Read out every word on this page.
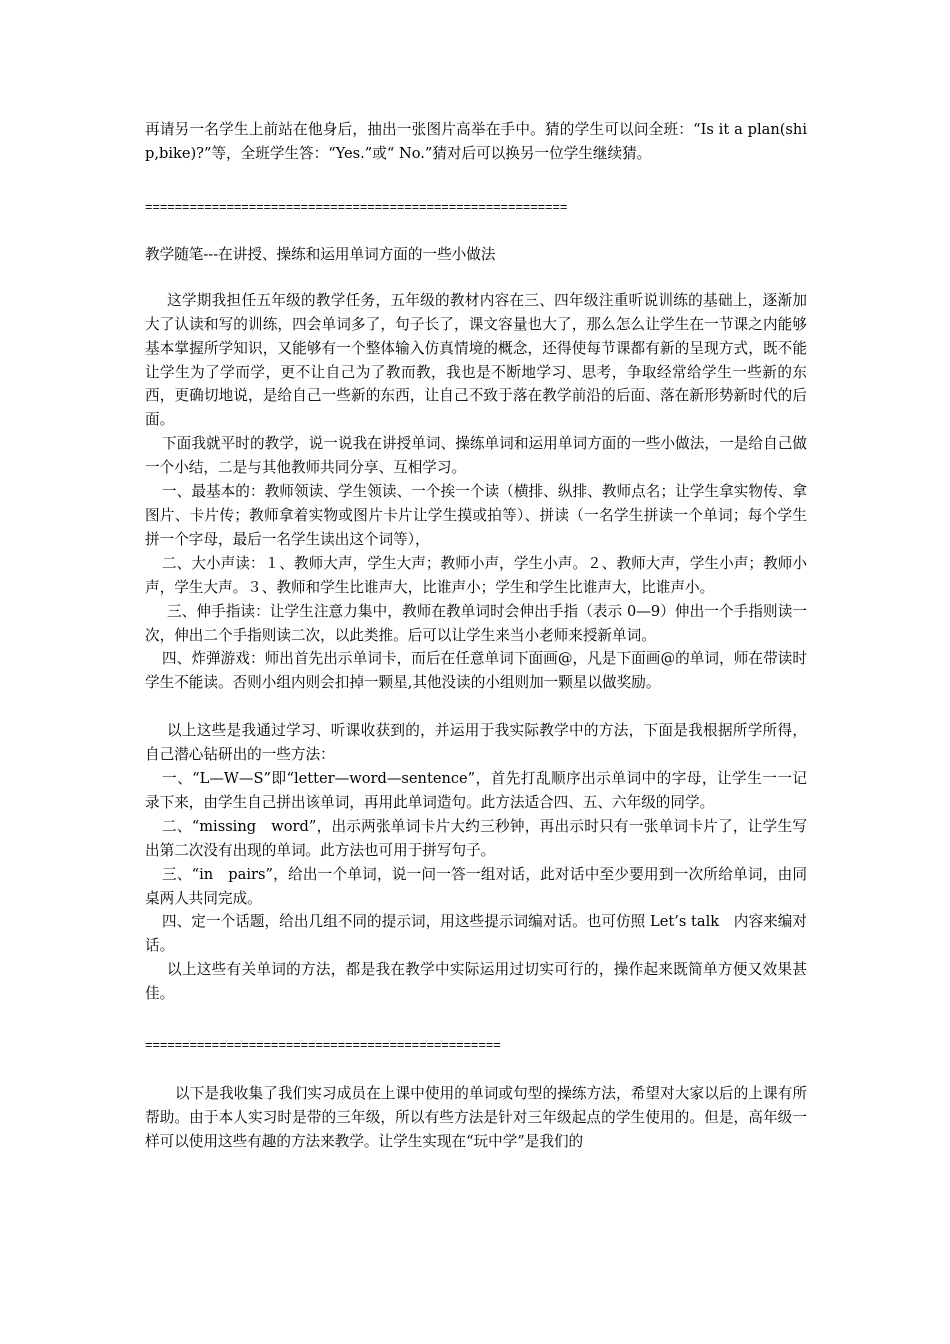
再请另一名学生上前站在他身后，抽出一张图片高举在手中。猜的学生可以问全班：“Is it a plan(ship,bike)?”等，全班学生答：“Yes.”或“ No.”猜对后可以换另一位学生继续猜。

=========================================================

教学随笔---在讲授、操练和运用单词方面的一些小做法

这学期我担任五年级的教学任务，五年级的教材内容在三、四年级注重听说训练的基础上，逐渐加大了认读和写的训练，四会单词多了，句子长了，课文容量也大了，那么怎么让学生在一节课之内能够基本掌握所学知识，又能够有一个整体输入仿真情境的概念，还得使每节课都有新的呈现方式，既不能让学生为了学而学，更不让自己为了教而教，我也是不断地学习、思考，争取经常给学生一些新的东西，更确切地说，是给自己一些新的东西，让自己不致于落在教学前沿的后面、落在新形势新时代的后面。

下面我就平时的教学，说一说我在讲授单词、操练单词和运用单词方面的一些小做法，一是给自己做一个小结，二是与其他教师共同分享、互相学习。

一、最基本的：教师领读、学生领读、一个挨一个读（横排、纵排、教师点名；让学生拿实物传、拿图片、卡片传；教师拿着实物或图片卡片让学生摸或拍等）、拼读（一名学生拼读一个单词；每个学生拼一个字母，最后一名学生读出这个词等），

二、大小声读：１、教师大声，学生大声；教师小声，学生小声。２、教师大声，学生小声；教师小声，学生大声。３、教师和学生比谁声大，比谁声小；学生和学生比谁声大，比谁声小。

三、伸手指读：让学生注意力集中，教师在教单词时会伸出手指（表示 0—9）伸出一个手指则读一次，伸出二个手指则读二次，以此类推。后可以让学生来当小老师来授新单词。

四、炸弹游戏：师出首先出示单词卡，而后在任意单词下面画@，凡是下面画@的单词，师在带读时学生不能读。否则小组内则会扣掉一颗星,其他没读的小组则加一颗星以做奖励。

以上这些是我通过学习、听课收获到的，并运用于我实际教学中的方法，下面是我根据所学所得，自己潜心钻研出的一些方法：

一、“L—W—S”即“letter—word—sentence”，首先打乱顺序出示单词中的字母，让学生一一记录下来，由学生自己拼出该单词，再用此单词造句。此方法适合四、五、六年级的同学。

二、“missing　word”，出示两张单词卡片大约三秒钟，再出示时只有一张单词卡片了，让学生写出第二次没有出现的单词。此方法也可用于拼写句子。

三、“in　pairs”，给出一个单词，说一问一答一组对话，此对话中至少要用到一次所给单词，由同桌两人共同完成。

四、定一个话题，给出几组不同的提示词，用这些提示词编对话。也可仿照 Let’s talk　内容来编对话。

以上这些有关单词的方法，都是我在教学中实际运用过切实可行的，操作起来既简单方便又效果甚佳。

================================================

以下是我收集了我们实习成员在上课中使用的单词或句型的操练方法，希望对大家以后的上课有所帮助。由于本人实习时是带的三年级，所以有些方法是针对三年级起点的学生使用的。但是，高年级一样可以使用这些有趣的方法来教学。让学生实现在“玩中学”是我们的
